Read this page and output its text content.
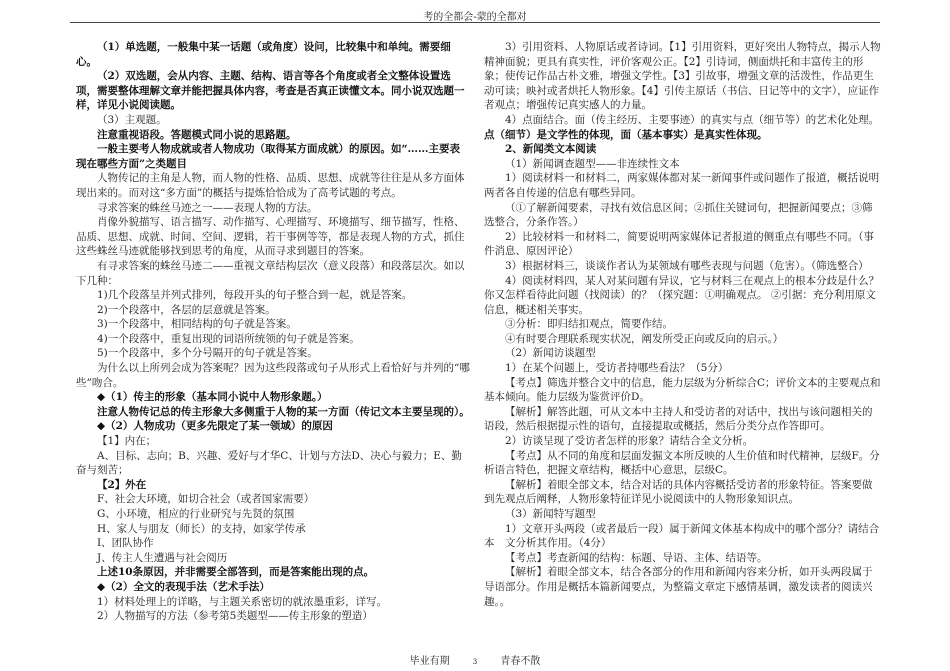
考的全都会-蒙的全都对

（1）单选题，一般集中某一话题（或角度）设问，比较集中和单纯。需要细心。

（2）双选题，会从内容、主题、结构、语言等各个角度或者全文整体设置选项，需要整体理解文章并能把握具体内容，考查是否真正读懂文本。同小说双选题一样，详见小说阅读题。

（3）主观题。

注意重视语段。答题模式同小说的思路题。

一般主要考人物成就或者人物成功（取得某方面成就）的原因。如“……主要表现在哪些方面”之类题目

人物传记的主角是人物，而人物的性格、品质、思想、成就等往往是从多方面体现出来的。而对这“多方面”的概括与提炼恰恰成为了高考试题的考点。

寻求答案的蛛丝马迹之一——表现人物的方法。

肖像外貌描写、语言描写、动作描写、心理描写、环境描写、细节描写，性格、品质、思想、成就、时间、空间、逻辑，若干事例等等，都是表现人物的方式，抓住这些蛛丝马迹就能够找到思考的角度，从而寻求到题目的答案。

有寻求答案的蛛丝马迹二——重视文章结构层次（意义段落）和段落层次。如以下几种：

1)几个段落呈并列式排列，每段开头的句子整合到一起，就是答案。

2)一个段落中，各层的层意就是答案。

3)一个段落中，相同结构的句子就是答案。

4)一个段落中，重复出现的词语所统领的句子就是答案。

5)一个段落中，多个分号隔开的句子就是答案。

为什么以上所列会成为答案呢？因为这些段落或句子从形式上看恰好与并列的“哪些”吻合。

◆（1）传主的形象（基本同小说中人物形象题。）

注意人物传记总的传主形象大多侧重于人物的某一方面（传记文本主要呈现的）。

◆（2）人物成功（更多先限定了某一领域）的原因

【1】内在；

A、目标、志向；B、兴趣、爱好与才华C、计划与方法D、决心与毅力；E、勤奋与刻苦；

【2】外在

F、社会大环境，如切合社会（或者国家需要）

G、小环境，相应的行业研究与先贤的氛围

H、家人与朋友（师长）的支持，如家学传承

I、团队协作

J、传主人生遭遇与社会阅历

上述10条原因，并非需要全部答到，而是答案能出现的点。

◆（2）全文的表现手法（艺术手法）

1）材料处理上的详略，与主题关系密切的就浓墨重彩，详写。

2）人物描写的方法（参考第5类题型——传主形象的塑造）

3）引用资料、人物原话或者诗词。【1】引用资料，更好突出人物特点，揭示人物精神面貌；更具有真实性，评价客观公正。【2】引诗词，侧面烘托和丰富传主的形象；使传记作品古朴文雅，增强文学性。【3】引故事，增强文章的活泼性，作品更生动可读；映衬或者烘托人物形象。【4】引传主原话（书信、日记等中的文字），应证作者观点；增强传记真实感人的力量。

4）点面结合。面（传主经历、主要事迹）的真实与点（细节等）的艺术化处理。

点（细节）是文学性的体现，面（基本事实）是真实性体现。

2、新闻类文本阅读

（1）新闻调查题型——非连续性文本

1）阅读材料一和材料二，两家媒体都对某一新闻事件或问题作了报道，概括说明两者各自传递的信息有哪些异同。

（①了解新闻要素，寻找有效信息区间；②抓住关键词句，把握新闻要点；③筛选整合，分条作答。）

2）比较材料一和材料二，简要说明两家媒体记者报道的侧重点有哪些不同。（事件消息、原因评论）

3）根据材料三，谈谈作者认为某领域有哪些表现与问题（危害）。（筛选整合）

4）阅读材料四，某人对某问题有异议，它与材料三在观点上的根本分歧是什么？你又怎样看待此问题（找阅读）的？（探究题：①明确观点。 ②引据：充分利用原文信息，概述相关事实。

③分析：即归结扣观点，简要作结。

④有时要合理联系现实状况，阐发所受正向或反向的启示。）

（2）新闻访谈题型

1）在某个问题上，受访者持哪些看法？（5分）

【考点】筛选并整合文中的信息，能力层级为分析综合C；评价文本的主要观点和基本倾向。能力层级为鉴赏评价D。

【解析】解答此题，可从文本中主持人和受访者的对话中，找出与该问题相关的语段，然后根据提示性的语句，直接提取或概括，然后分类分点作答即可。

2）访谈呈现了受访者怎样的形象？请结合全文分析。

【考点】从不同的角度和层面发掘文本所反映的人生价值和时代精神，层级F。分析语言特色，把握文章结构，概括中心意思，层级C。

【解析】着眼全部文本，结合对话的具体内容概括受访者的形象特征。答案要做到先观点后阐释，人物形象特征详见小说阅读中的人物形象知识点。

（3）新闻特写题型

1）文章开头两段（或者最后一段）属于新闻文体基本构成中的哪个部分？请结合本　文分析其作用。（4分）

【考点】考查新闻的结构：标题、导语、主体、结语等。

【解析】着眼全部文本，结合各部分的作用和新闻内容来分析，如开头两段属于导语部分。作用是概括本篇新闻要点，为整篇文章定下感情基调，激发读者的阅读兴趣。。

毕业有期	3 青春不散
